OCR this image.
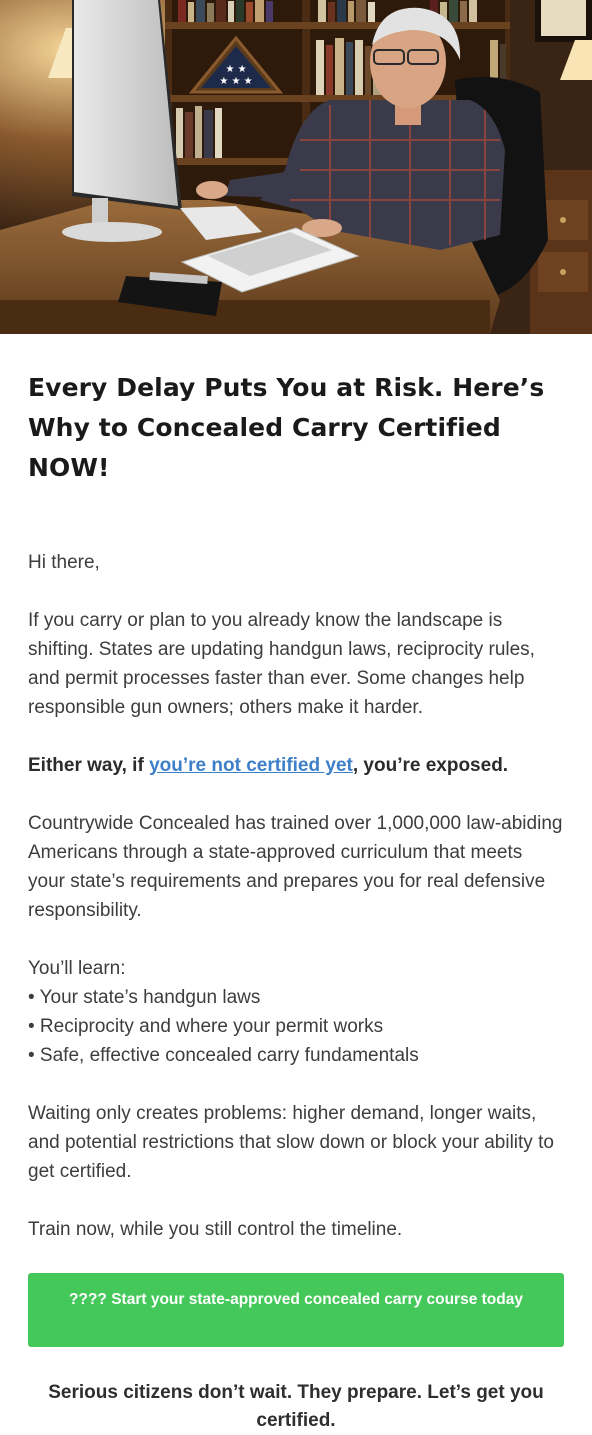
★ ★
★ ★ ★
Every Delay Puts You at Risk. Here’s Why to Concealed Carry Certified NOW!

Hi there,

If you carry or plan to you already know the landscape is shifting. States are updating handgun laws, reciprocity rules, and permit processes faster than ever. Some changes help responsible gun owners; others make it harder.

Either way, if you’re not certified yet, you’re exposed.

Countrywide Concealed has trained over 1,000,000 law-abiding Americans through a state-approved curriculum that meets your state’s requirements and prepares you for real defensive responsibility.

You’ll learn:

• Your state’s handgun laws
• Reciprocity and where your permit works
• Safe, effective concealed carry fundamentals

Waiting only creates problems: higher demand, longer waits, and potential restrictions that slow down or block your ability to get certified.

Train now, while you still control the timeline.

???? Start your state-approved concealed carry course today

Serious citizens don’t wait. They prepare. Let’s get you certified.
